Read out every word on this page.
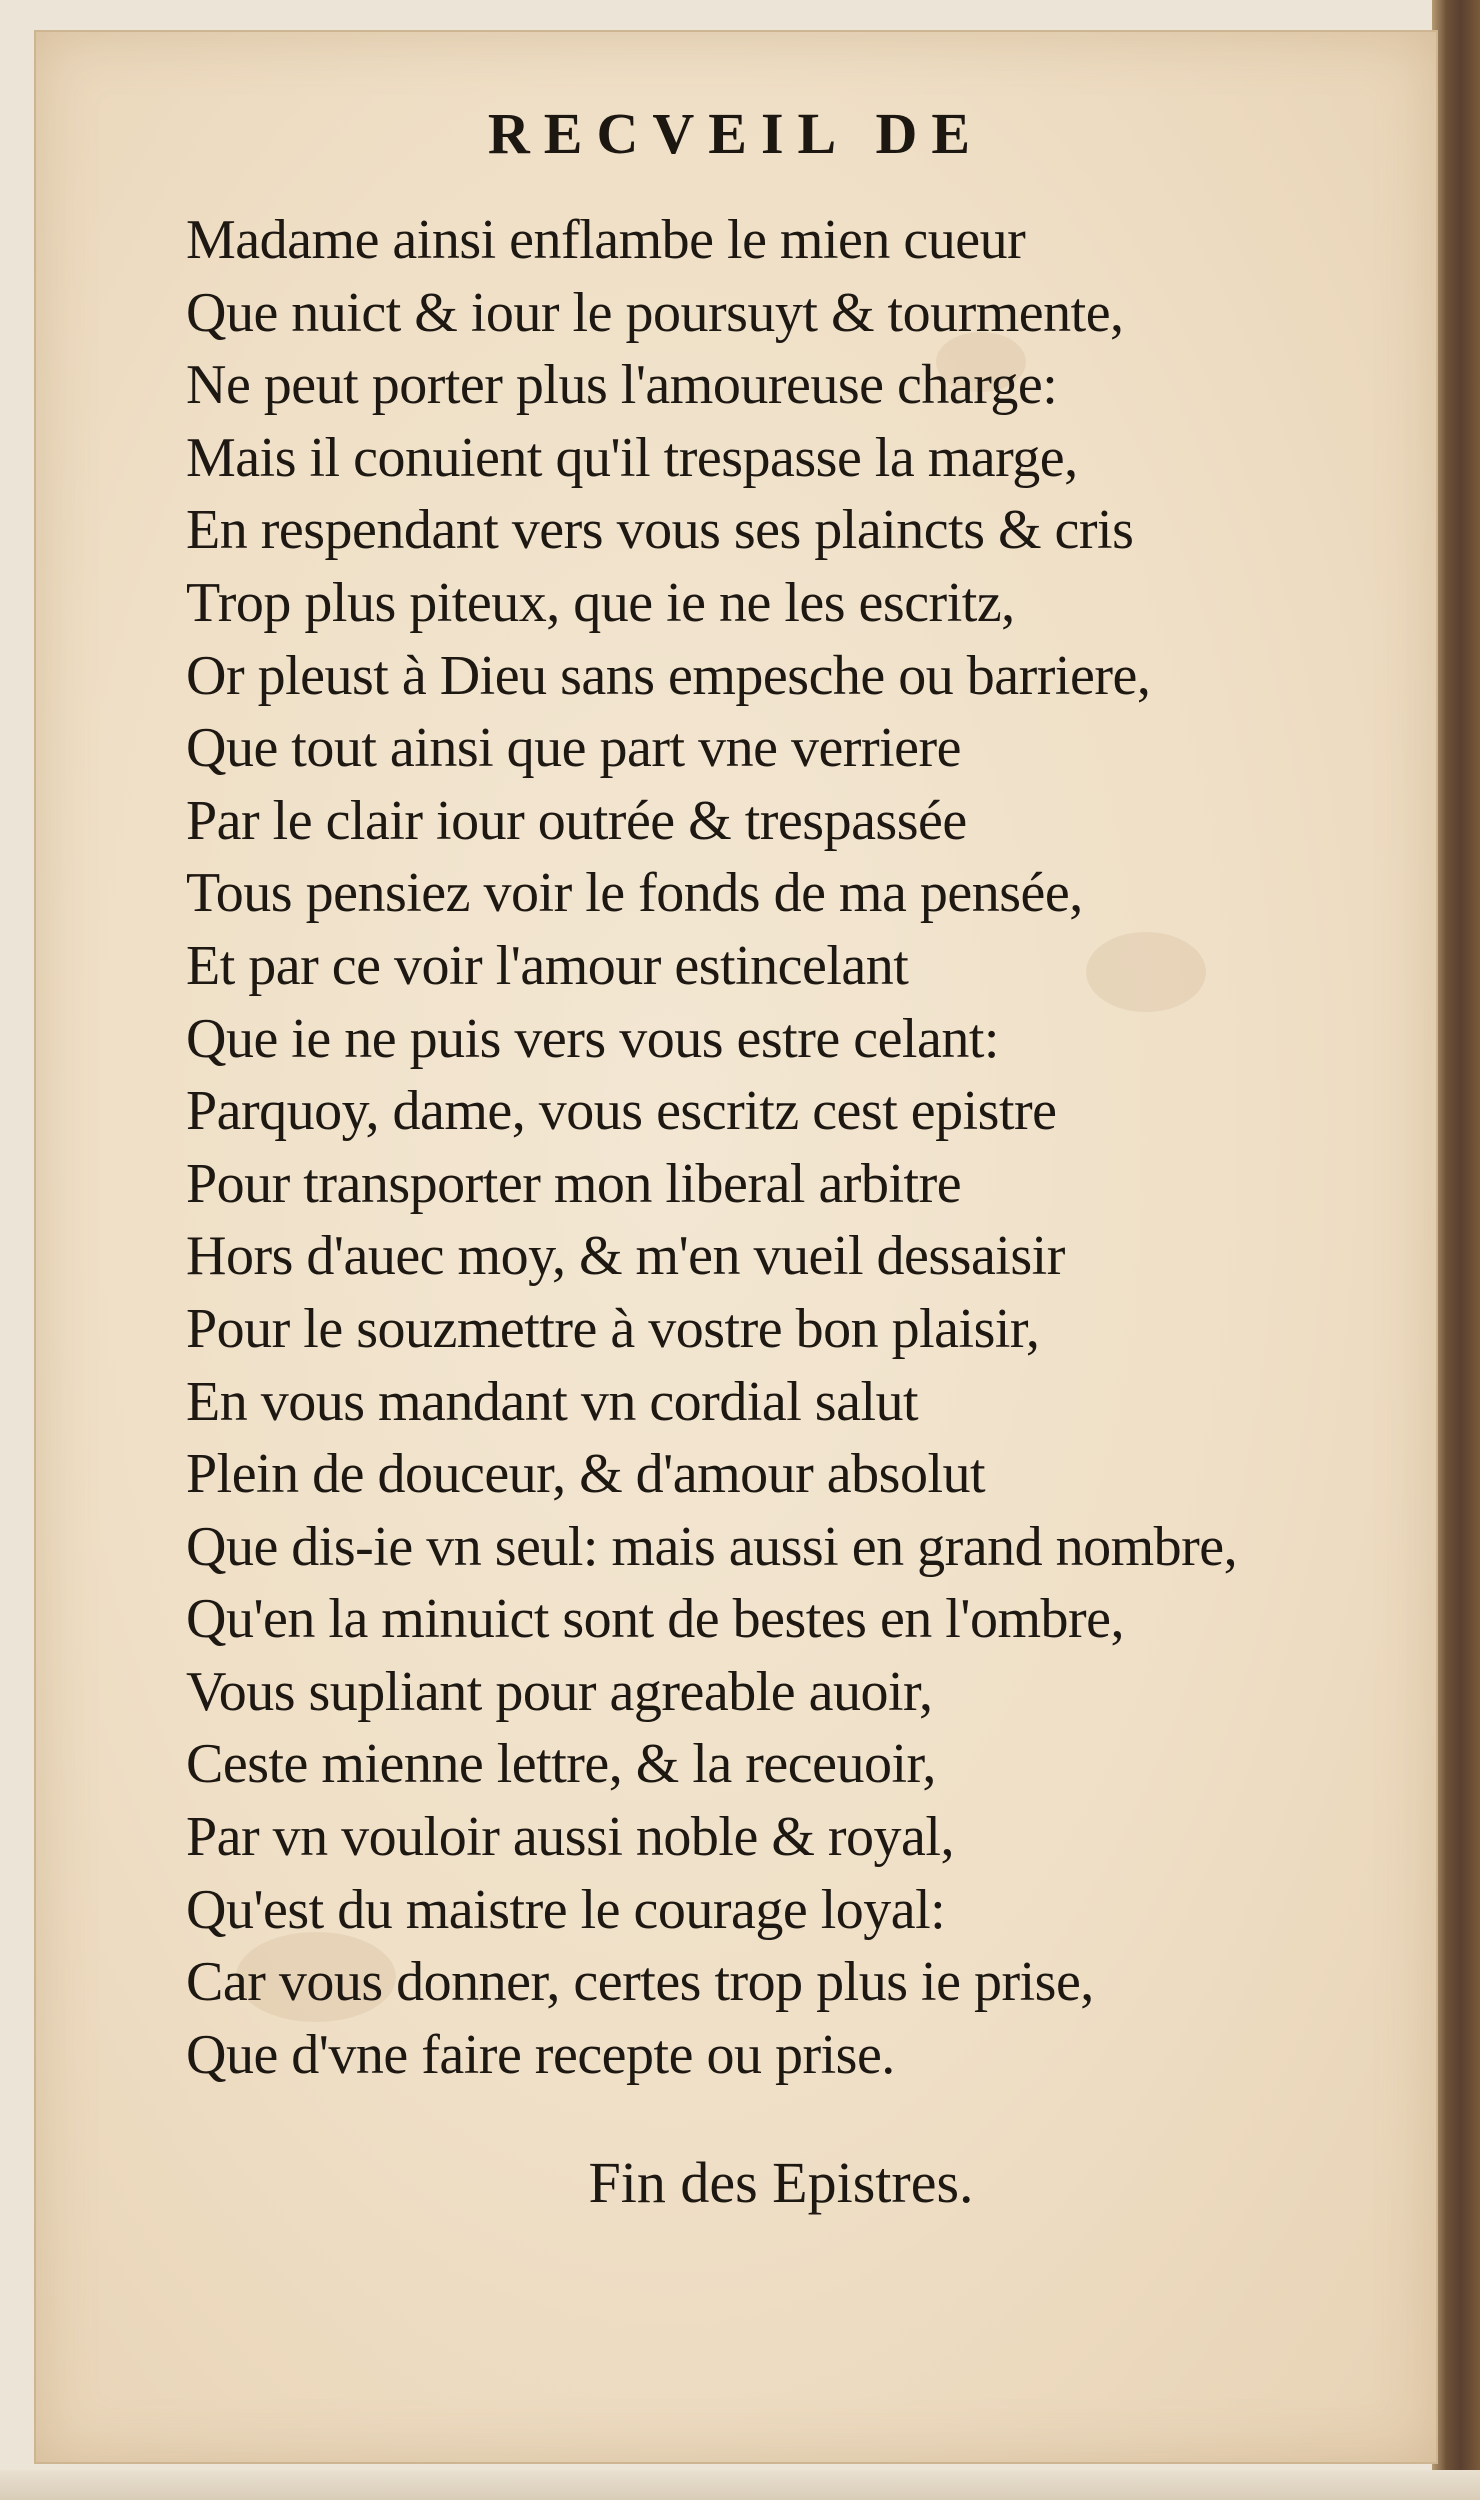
RECVEIL DE
Madame ainsi enflambe le mien cueur
Que nuict & iour le poursuyt & tourmente,
Ne peut porter plus l'amoureuse charge:
Mais il conuient qu'il trespasse la marge,
En respendant vers vous ses plaincts & cris
Trop plus piteux, que ie ne les escritz,
Or pleust à Dieu sans empesche ou barriere,
Que tout ainsi que part vne verriere
Par le clair iour outrée & trespassée
Tous pensiez voir le fonds de ma pensée,
Et par ce voir l'amour estincelant
Que ie ne puis vers vous estre celant:
Parquoy, dame, vous escritz cest epistre
Pour transporter mon liberal arbitre
Hors d'auec moy, & m'en vueil dessaisir
Pour le souzmettre à vostre bon plaisir,
En vous mandant vn cordial salut
Plein de douceur, & d'amour absolut
Que dis-ie vn seul: mais aussi en grand nombre,
Qu'en la minuict sont de bestes en l'ombre,
Vous supliant pour agreable auoir,
Ceste mienne lettre, & la receuoir,
Par vn vouloir aussi noble & royal,
Qu'est du maistre le courage loyal:
Car vous donner, certes trop plus ie prise,
Que d'vne faire recepte ou prise.
Fin des Epistres.
